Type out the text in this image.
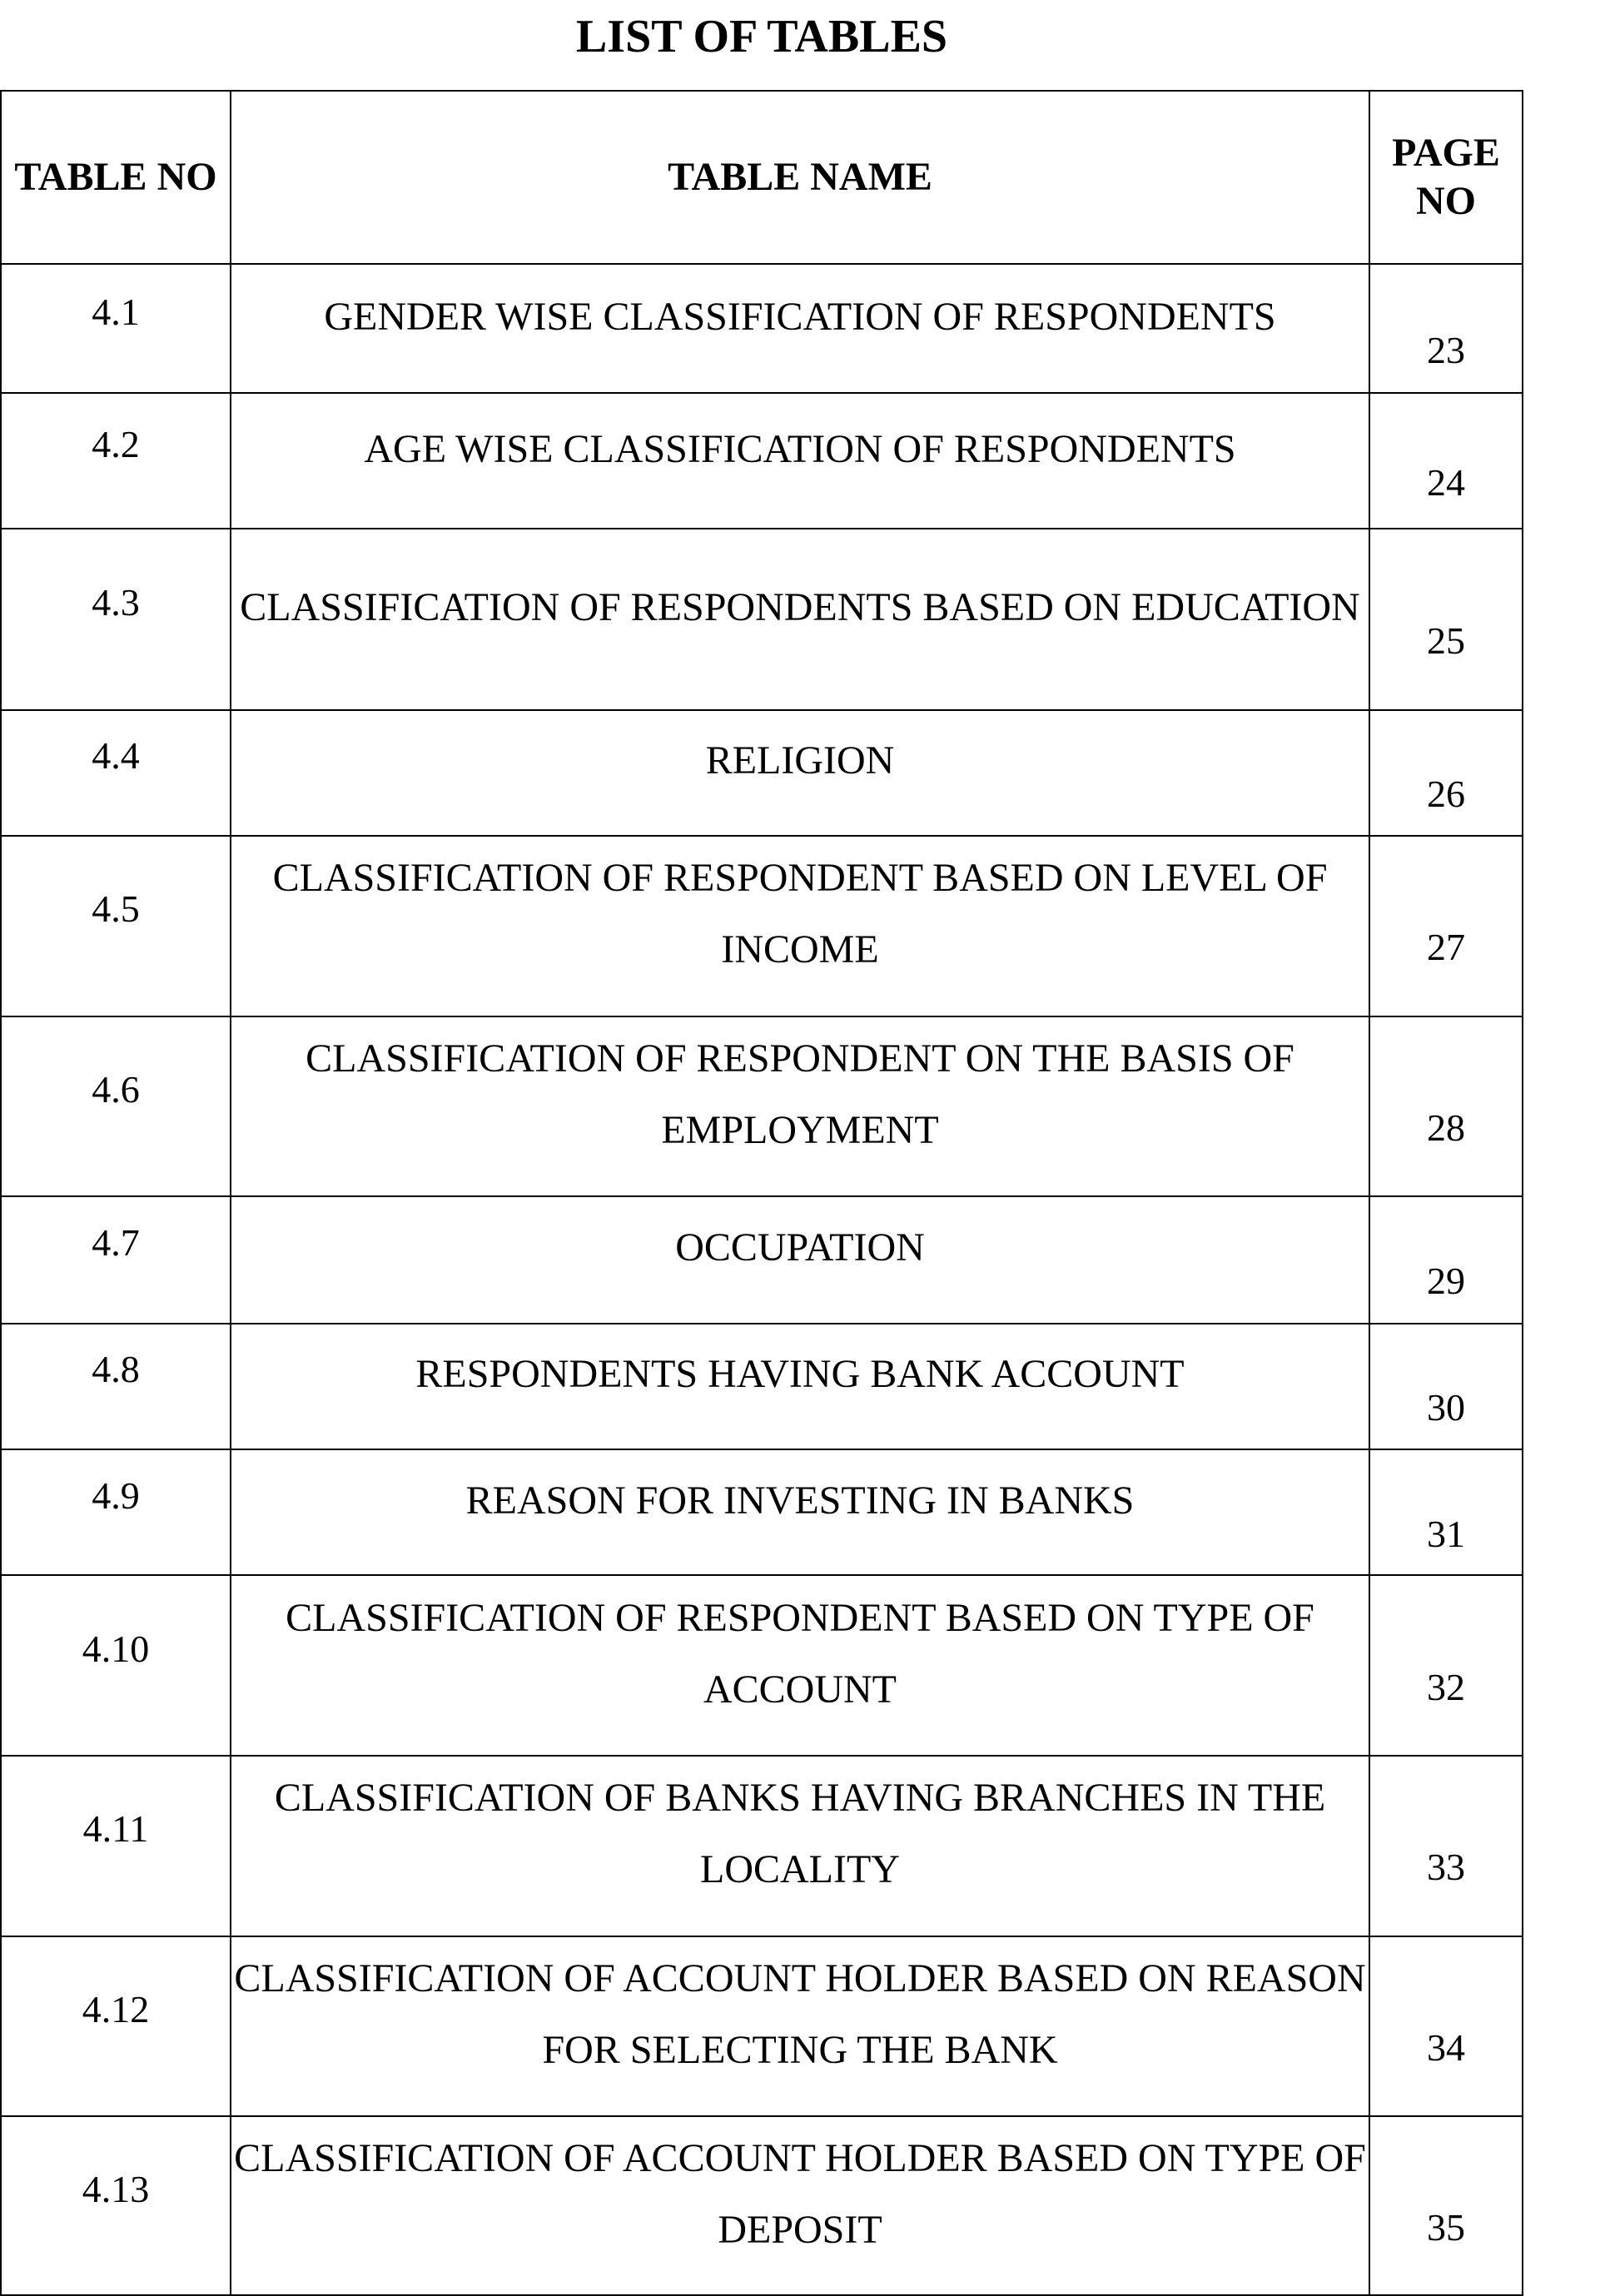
LIST OF TABLES
TABLE NO	TABLE NAME	PAGE NO
4.1	GENDER WISE CLASSIFICATION OF RESPONDENTS	23
4.2	AGE WISE CLASSIFICATION OF RESPONDENTS	24
4.3	CLASSIFICATION OF RESPONDENTS BASED ON EDUCATION	25
4.4	RELIGION	26
4.5	CLASSIFICATION OF RESPONDENT BASED ON LEVEL OF INCOME	27
4.6	CLASSIFICATION OF RESPONDENT ON THE BASIS OF EMPLOYMENT	28
4.7	OCCUPATION	29
4.8	RESPONDENTS HAVING BANK ACCOUNT	30
4.9	REASON FOR INVESTING IN BANKS	31
4.10	CLASSIFICATION OF RESPONDENT BASED ON TYPE OF ACCOUNT	32
4.11	CLASSIFICATION OF BANKS HAVING BRANCHES IN THE LOCALITY	33
4.12	CLASSIFICATION OF ACCOUNT HOLDER BASED ON REASON FOR SELECTING THE BANK	34
4.13	CLASSIFICATION OF ACCOUNT HOLDER BASED ON TYPE OF DEPOSIT	35
